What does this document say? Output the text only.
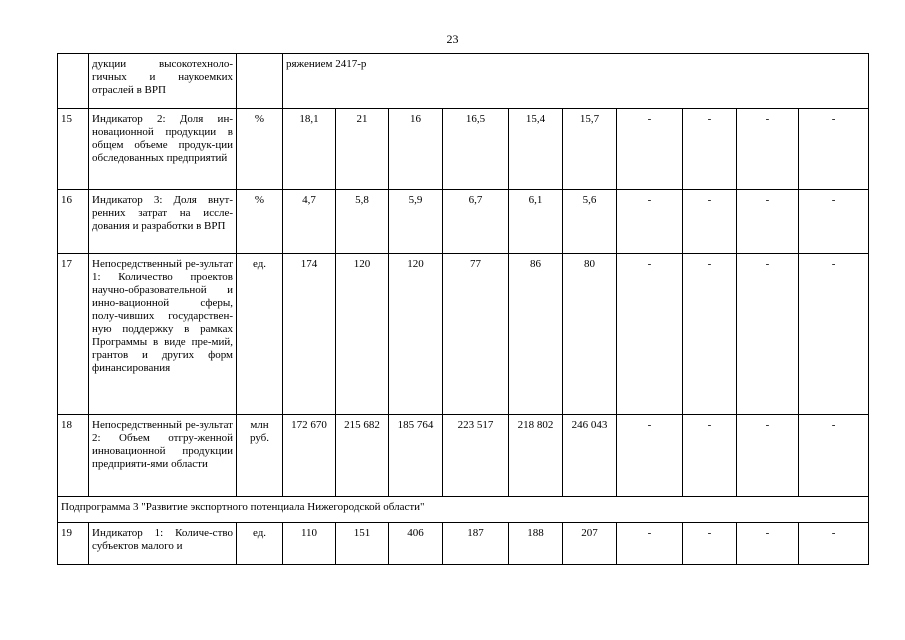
23
	дукции высокотехноло-гичных и наукоемких отраслей в ВРП		ряжением 2417-р									
15	Индикатор 2: Доля ин-новационной продукции в общем объеме продук-ции обследованных предприятий	%	18,1	21	16	16,5	15,4	15,7	-	-	-	-
16	Индикатор 3: Доля внут-ренних затрат на иссле-дования и разработки в ВРП	%	4,7	5,8	5,9	6,7	6,1	5,6	-	-	-	-
17	Непосредственный ре-зультат 1: Количество проектов научно-образовательной и инно-вационной сферы, полу-чивших государствен-ную поддержку в рамках Программы в виде пре-мий, грантов и других форм финансирования	ед.	174	120	120	77	86	80	-	-	-	-
18	Непосредственный ре-зультат 2: Объем отгру-женной инновационной продукции предприяти-ями области	млн руб.	172 670	215 682	185 764	223 517	218 802	246 043	-	-	-	-
Подпрограмма 3 "Развитие экспортного потенциала Нижегородской области"												
19	Индикатор 1: Количе-ство субъектов малого и	ед.	110	151	406	187	188	207	-	-	-	-
